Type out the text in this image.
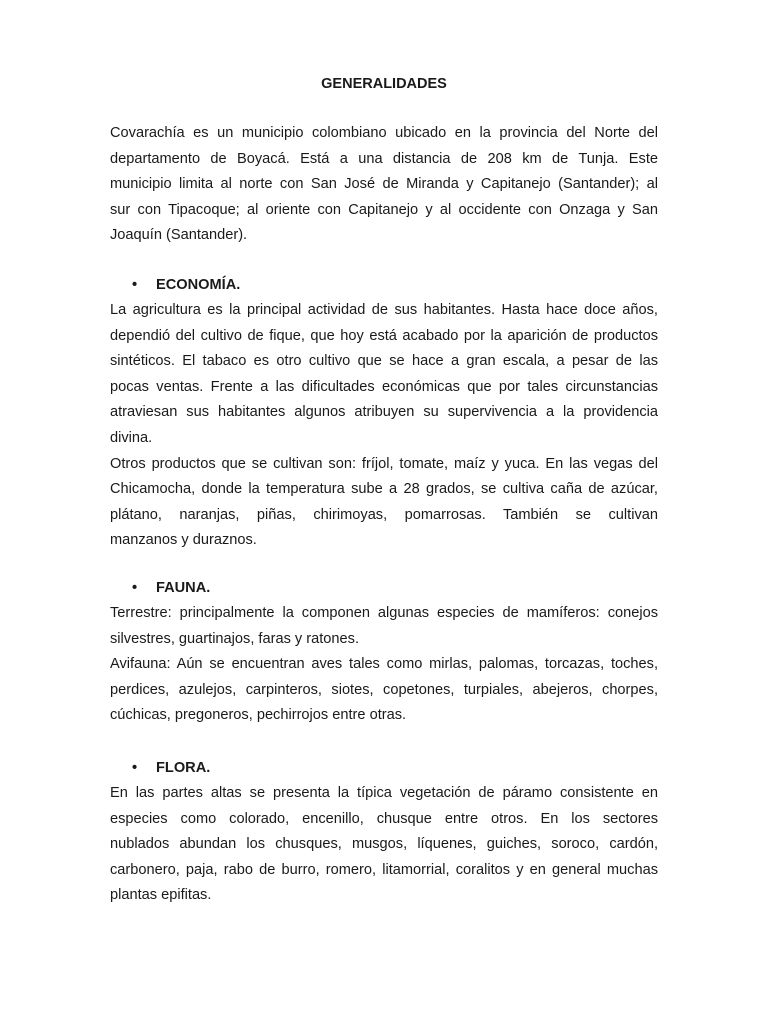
GENERALIDADES

Covarachía es un municipio colombiano ubicado en la provincia del Norte del
departamento de Boyacá. Está a una distancia de 208 km de Tunja. Este
municipio limita al norte con San José de Miranda y Capitanejo (Santander); al
sur con Tipacoque; al oriente con Capitanejo y al occidente con Onzaga y San
Joaquín (Santander).

• ECONOMÍA.

La agricultura es la principal actividad de sus habitantes. Hasta hace doce años,
dependió del cultivo de fique, que hoy está acabado por la aparición de productos
sintéticos. El tabaco es otro cultivo que se hace a gran escala, a pesar de las
pocas ventas. Frente a las dificultades económicas que por tales circunstancias
atraviesan sus habitantes algunos atribuyen su supervivencia a la providencia
divina.
Otros productos que se cultivan son: fríjol, tomate, maíz y yuca. En las vegas del
Chicamocha, donde la temperatura sube a 28 grados, se cultiva caña de azúcar,
plátano, naranjas, piñas, chirimoyas, pomarrosas. También se cultivan
manzanos y duraznos.

• FAUNA.

Terrestre: principalmente la componen algunas especies de mamíferos: conejos
silvestres, guartinajos, faras y ratones.
Avifauna: Aún se encuentran aves tales como mirlas, palomas, torcazas, toches,
perdices, azulejos, carpinteros, siotes, copetones, turpiales, abejeros, chorpes,
cúchicas, pregoneros, pechirrojos entre otras.

• FLORA.

En las partes altas se presenta la típica vegetación de páramo consistente en
especies como colorado, encenillo, chusque entre otros. En los sectores
nublados abundan los chusques, musgos, líquenes, guiches, soroco, cardón,
carbonero, paja, rabo de burro, romero, litamorrial, coralitos y en general muchas
plantas epifitas.
